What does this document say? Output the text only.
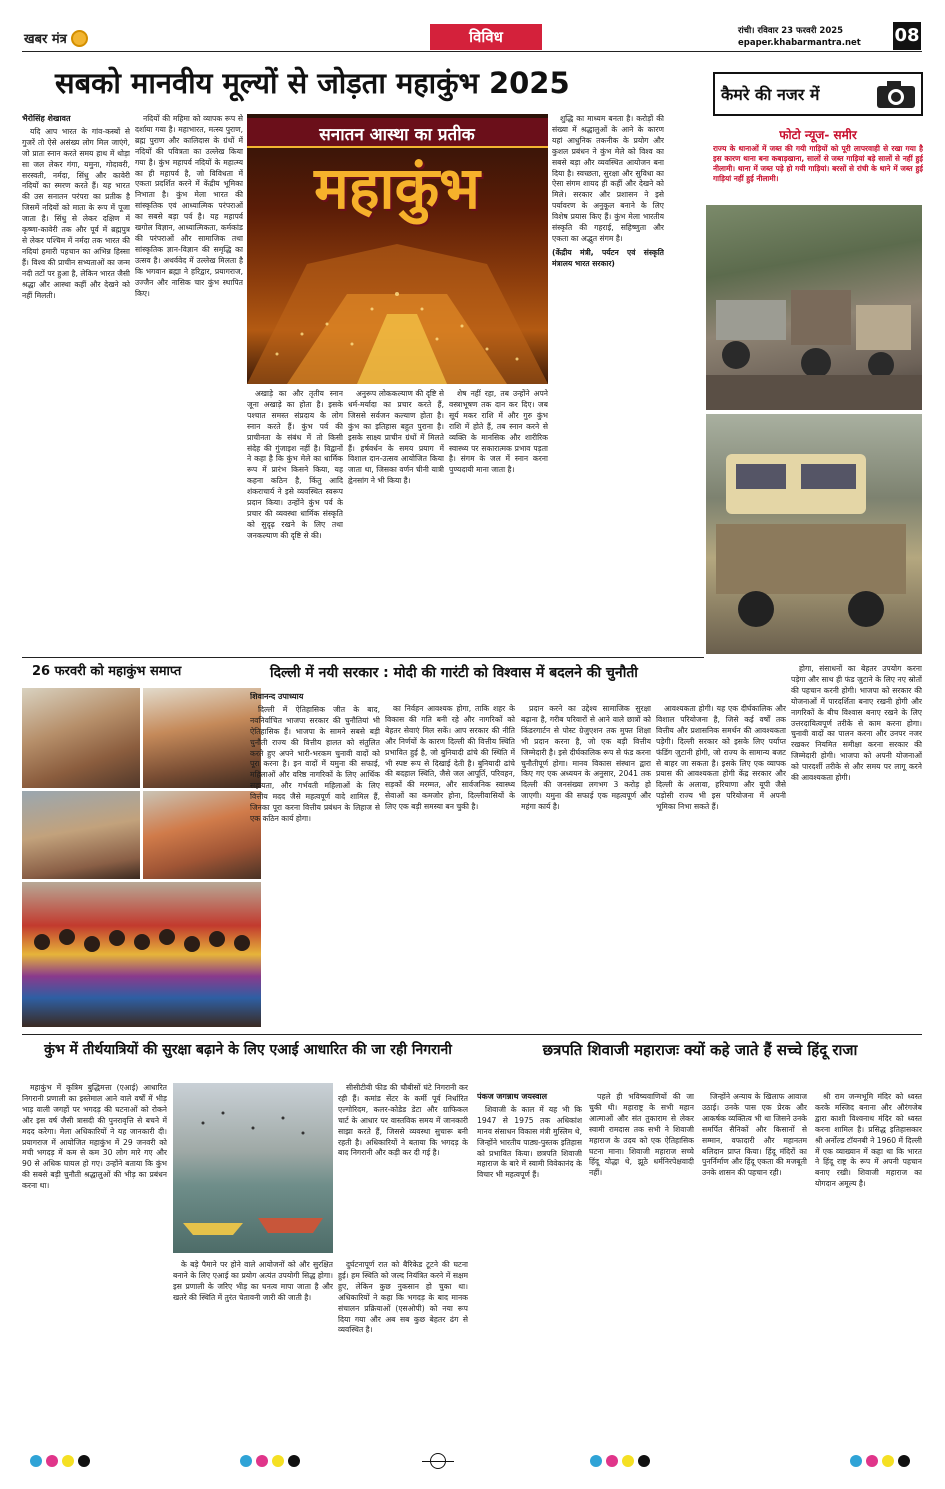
खबर मंत्र	विविध	रांची। रविवार 23 फरवरी 2025
epaper.khabarmantra.net	08
सबको मानवीय मूल्यों से जोड़ता महाकुंभ 2025
भैरोसिंह शेखावत

यदि आप भारत के गांव-कस्बों से गुजरें तो ऐसे असंख्य लोग मिल जाएंगे, जो प्रातः स्नान करते समय हाथ में थोड़ा सा जल लेकर गंगा, यमुना, गोदावरी, सरस्वती, नर्मदा, सिंधु और कावेरी नदियों का स्मरण करते हैं। यह भारत की उस सनातन परंपरा का प्रतीक है जिसमें नदियों को माता के रूप में पूजा जाता है। सिंधु से लेकर दक्षिण में कृष्णा-कावेरी तक और पूर्व में ब्रह्मपुत्र से लेकर पश्चिम में नर्मदा तक भारत की नदियां हमारी पहचान का अभिन्न हिस्सा हैं। विश्व की प्राचीन सभ्यताओं का जन्म नदी तटों पर हुआ है, लेकिन भारत जैसी श्रद्धा और आस्था कहीं और देखने को नहीं मिलती।

नदियों की महिमा को व्यापक रूप से दर्शाया गया है। महाभारत, मत्स्य पुराण, ब्रह्म पुराण और कालिदास के ग्रंथों में नदियों की पवित्रता का उल्लेख किया गया है। कुंभ महापर्व नदियों के महात्म्य का ही महापर्व है, जो विविधता में एकता प्रदर्शित करने में केंद्रीय भूमिका निभाता है। कुंभ मेला भारत की सांस्कृतिक एवं आध्यात्मिक परंपराओं का सबसे बड़ा पर्व है। यह महापर्व खगोल विज्ञान, आध्यात्मिकता, कर्मकांड की परंपराओं और सामाजिक तथा सांस्कृतिक ज्ञान-विज्ञान की समृद्धि का उत्सव है। अथर्ववेद में उल्लेख मिलता है कि भगवान ब्रह्मा ने हरिद्वार, प्रयागराज, उज्जैन और नासिक चार कुंभ स्थापित किए।

सनातन आस्था का प्रतीक
महाकुंभ

अखाड़े का और तृतीय स्नान जूना अखाड़े का होता है। इसके पश्चात समस्त संप्रदाय के लोग स्नान करते हैं। कुंभ पर्व की प्राचीनता के संबंध में तो किसी संदेह की गुंजाइश नहीं है। विद्वानों ने कहा है कि कुंभ मेले का धार्मिक रूप में प्रारंभ किसने किया, यह कहना कठिन है, किंतु आदि शंकराचार्य ने इसे व्यवस्थित स्वरूप प्रदान किया। उन्होंने कुंभ पर्व के प्रचार की व्यवस्था धार्मिक संस्कृति को सुदृढ़ रखने के लिए तथा जनकल्याण की दृष्टि से की।

अनुरूप लोककल्याण की दृष्टि से धर्म-मर्यादा का प्रचार करते हैं, जिससे सर्वजन कल्याण होता है। कुंभ का इतिहास बहुत पुराना है। इसके साक्ष्य प्राचीन ग्रंथों में मिलते हैं। हर्षवर्धन के समय प्रयाग में विशाल दान-उत्सव आयोजित किया जाता था, जिसका वर्णन चीनी यात्री ह्वेनसांग ने भी किया है।

शेष नहीं रहा, तब उन्होंने अपने वस्त्राभूषण तक दान कर दिए। जब सूर्य मकर राशि में और गुरु कुंभ राशि में होते हैं, तब स्नान करने से व्यक्ति के मानसिक और शारीरिक स्वास्थ्य पर सकारात्मक प्रभाव पड़ता है। संगम के जल में स्नान करना पुण्यदायी माना जाता है।

शुद्धि का माध्यम बनता है। करोड़ों की संख्या में श्रद्धालुओं के आने के कारण यहां आधुनिक तकनीक के प्रयोग और कुशल प्रबंधन ने कुंभ मेले को विश्व का सबसे बड़ा और व्यवस्थित आयोजन बना दिया है। स्वच्छता, सुरक्षा और सुविधा का ऐसा संगम शायद ही कहीं और देखने को मिले। सरकार और प्रशासन ने इसे पर्यावरण के अनुकूल बनाने के लिए विशेष प्रयास किए हैं। कुंभ मेला भारतीय संस्कृति की गहराई, सहिष्णुता और एकता का अद्भुत संगम है।

(केंद्रीय मंत्री, पर्यटन एवं संस्कृति मंत्रालय भारत सरकार)

कैमरे की नजर में
फोटो न्यूज- समीर
राज्य के थानाओं में जब्त की गयी गाड़ियों को पूरी लापरवाही से रखा गया है इस कारण थाना बना कबाड़खाना, सालों से जब्त गाड़ियां बड़े सालों से नहीं हुई नीलामी। थाना में जब्त पड़े हो गयी गाड़ियां। बरसों से रांची के थाने में जब्त हुई गाड़ियां नहीं हुई नीलामी।
26 फरवरी को महाकुंभ समाप्त	दिल्ली में नयी सरकार : मोदी की गारंटी को विश्वास में बदलने की चुनौती
शिवानन्द उपाध्याय

दिल्ली में ऐतिहासिक जीत के बाद, नवनिर्वाचित भाजपा सरकार की चुनौतियां भी ऐतिहासिक हैं। भाजपा के सामने सबसे बड़ी चुनौती राज्य की वित्तीय हालत को संतुलित करते हुए अपने भारी-भरकम चुनावी वादों को पूरा करना है। इन वादों में यमुना की सफाई, महिलाओं और वरिष्ठ नागरिकों के लिए आर्थिक सहायता, और गर्भवती महिलाओं के लिए वित्तीय मदद जैसे महत्वपूर्ण वादे शामिल हैं, जिनका पूरा करना वित्तीय प्रबंधन के लिहाज से एक कठिन कार्य होगा।

का निर्वहन आवश्यक होगा, ताकि शहर के विकास की गति बनी रहे और नागरिकों को बेहतर सेवाएं मिल सकें। आप सरकार की नीति और निर्णयों के कारण दिल्ली की वित्तीय स्थिति प्रभावित हुई है, जो बुनियादी ढांचे की स्थिति में भी स्पष्ट रूप से दिखाई देती है। बुनियादी ढांचे की बदहाल स्थिति, जैसे जल आपूर्ति, परिवहन, सड़कों की मरम्मत, और सार्वजनिक स्वास्थ्य सेवाओं का कमजोर होना, दिल्लीवासियों के लिए एक बड़ी समस्या बन चुकी है।

प्रदान करने का उद्देश्य सामाजिक सुरक्षा बढ़ाना है, गरीब परिवारों से आने वाले छात्रों को किंडरगार्टन से पोस्ट ग्रेजुएशन तक मुफ्त शिक्षा भी प्रदान करना है, जो एक बड़ी वित्तीय जिम्मेदारी है। इसे दीर्घकालिक रूप से फंड करना चुनौतीपूर्ण होगा। मानव विकास संस्थान द्वारा किए गए एक अध्ययन के अनुसार, 2041 तक दिल्ली की जनसंख्या लगभग 3 करोड़ हो जाएगी। यमुना की सफाई एक महत्वपूर्ण और महंगा कार्य है।

आवश्यकता होगी। यह एक दीर्घकालिक और विशाल परियोजना है, जिसे कई वर्षों तक वित्तीय और प्रशासनिक समर्थन की आवश्यकता पड़ेगी। दिल्ली सरकार को इसके लिए पर्याप्त फंडिंग जुटानी होगी, जो राज्य के सामान्य बजट से बाहर जा सकता है। इसके लिए एक व्यापक प्रयास की आवश्यकता होगी केंद्र सरकार और दिल्ली के अलावा, हरियाणा और यूपी जैसे पड़ोसी राज्य भी इस परियोजना में अपनी भूमिका निभा सकते हैं।

होगा, संसाधनों का बेहतर उपयोग करना पड़ेगा और साथ ही फंड जुटाने के लिए नए स्रोतों की पहचान करनी होगी। भाजपा को सरकार की योजनाओं में पारदर्शिता बनाए रखनी होगी और नागरिकों के बीच विश्वास बनाए रखने के लिए उत्तरदायित्वपूर्ण तरीके से काम करना होगा। चुनावी वादों का पालन करना और उनपर नजर रखकर नियमित समीक्षा करना सरकार की जिम्मेदारी होगी। भाजपा को अपनी योजनाओं को पारदर्शी तरीके से और समय पर लागू करने की आवश्यकता होगी।

कुंभ में तीर्थयात्रियों की सुरक्षा बढ़ाने के लिए एआई आधारित की जा रही निगरानी

महाकुंभ में कृत्रिम बुद्धिमत्ता (एआई) आधारित निगरानी प्रणाली का इस्तेमाल आने वाले वर्षों में भीड़ भाड़ वाली जगहों पर भगदड़ की घटनाओं को रोकने और इस वर्ष जैसी त्रासदी की पुनरावृत्ति से बचने में मदद करेगा। मेला अधिकारियों ने यह जानकारी दी। प्रयागराज में आयोजित महाकुंभ में 29 जनवरी को मची भगदड़ में कम से कम 30 लोग मारे गए और 90 से अधिक घायल हो गए। उन्होंने बताया कि कुंभ की सबसे बड़ी चुनौती श्रद्धालुओं की भीड़ का प्रबंधन करना था।

सीसीटीवी फीड की चौबीसों घंटे निगरानी कर रही हैं। कमांड सेंटर के कर्मी पूर्व निर्धारित एल्गोरिदम, कलर-कोडेड डेटा और ग्राफिकल चार्ट के आधार पर वास्तविक समय में जानकारी साझा करते हैं, जिससे व्यवस्था सुचारू बनी रहती है। अधिकारियों ने बताया कि भगदड़ के बाद निगरानी और कड़ी कर दी गई है।

के बड़े पैमाने पर होने वाले आयोजनों को और सुरक्षित बनाने के लिए एआई का प्रयोग अत्यंत उपयोगी सिद्ध होगा। इस प्रणाली के जरिए भीड़ का घनत्व मापा जाता है और खतरे की स्थिति में तुरंत चेतावनी जारी की जाती है।

दुर्घटनापूर्ण रात को बैरिकेड टूटने की घटना हुई। हम स्थिति को जल्द नियंत्रित करने में सक्षम हुए, लेकिन कुछ नुकसान हो चुका था। अधिकारियों ने कहा कि भगदड़ के बाद मानक संचालन प्रक्रियाओं (एसओपी) को नया रूप दिया गया और अब सब कुछ बेहतर ढंग से व्यवस्थित है।

छत्रपति शिवाजी महाराजः क्यों कहे जाते हैं सच्चे हिंदू राजा
पंकज जगन्नाथ जयस्वाल

शिवाजी के काल में यह भी कि 1947 से 1975 तक अधिकांश मानव संसाधन विकास मंत्री मुस्लिम थे, जिन्होंने भारतीय पाठ्य-पुस्तक इतिहास को प्रभावित किया। छत्रपति शिवाजी महाराज के बारे में स्वामी विवेकानंद के विचार भी महत्वपूर्ण हैं।

पहले ही भविष्यवाणियों की जा चुकी थी। महाराष्ट्र के सभी महान आत्माओं और संत तुकाराम से लेकर स्वामी रामदास तक सभी ने शिवाजी महाराज के उदय को एक ऐतिहासिक घटना माना। शिवाजी महाराज सच्चे हिंदू योद्धा थे, झूठे धर्मनिरपेक्षवादी नहीं।

जिन्होंने अन्याय के खिलाफ आवाज उठाई। उनके पास एक प्रेरक और आकर्षक व्यक्तित्व भी था जिसने उनके समर्पित सैनिकों और किसानों से सम्मान, वफादारी और महानतम बलिदान प्राप्त किया। हिंदू मंदिरों का पुनर्निर्माण और हिंदू एकता की मजबूती उनके शासन की पहचान रही।

श्री राम जन्मभूमि मंदिर को ध्वस्त करके मस्जिद बनाना और औरंगजेब द्वारा काशी विश्वनाथ मंदिर को ध्वस्त करना शामिल है। प्रसिद्ध इतिहासकार श्री अर्नोल्ड टॉयनबी ने 1960 में दिल्ली में एक व्याख्यान में कहा था कि भारत ने हिंदू राष्ट्र के रूप में अपनी पहचान बनाए रखी। शिवाजी महाराज का योगदान अमूल्य है।
